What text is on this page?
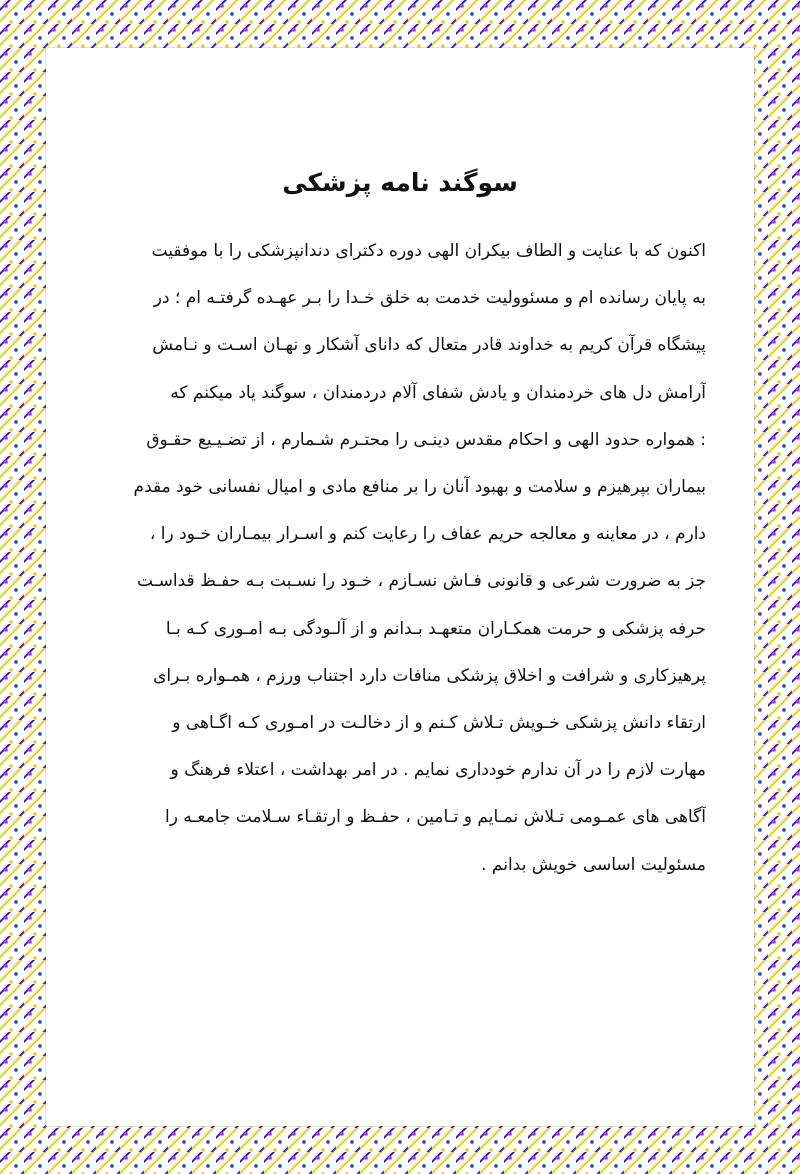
سوگند نامه پزشکی
اکنون که با عنایت و الطاف بیکران الهی دوره دکترای دندانپزشکی را با موفقیت
به پایان رسانده ام و مسئوولیت خدمت به خلق خـدا را بـر عهـده گرفتـه ام ؛ در
پیشگاه قرآن کریم به خداوند قادر متعال که دانای آشکار و نهـان اسـت و نـامش
آرامش دل های خردمندان و یادش شفای آلام دردمندان ، سوگند یاد میکنم که
: همواره حدود الهی و احکام مقدس دینـی را محتـرم شـمارم ، از تضـیـیع حقـوق
بیماران بپرهیزم و سلامت و بهبود آنان را بر منافع مادی و امیال نفسانی خود مقدم
دارم ، در معاینه و معالجه حریم عفاف را رعایت کنم و اسـرار بیمـاران خـود را ،
جز به ضرورت شرعی و قانونی فـاش نسـازم ، خـود را نسـبت بـه حفـظ قداسـت
حرفه پزشکی و حرمت همکـاران متعهـد بـدانم و از آلـودگی بـه امـوری کـه بـا
پرهیزکاری و شرافت و اخلاق پزشکی منافات دارد اجتناب ورزم ، همـواره بـرای
ارتقاء دانش پزشکی خـویش تـلاش کـنم و از دخالـت در امـوری کـه اگـاهی و
مهارت لازم را در آن ندارم خودداری نمایم . در امر بهداشت ، اعتلاء فرهنگ و
آگاهی های عمـومی تـلاش نمـایم و تـامین ، حفـظ و ارتقـاء سـلامت جامعـه را
مسئولیت اساسی خویش بدانم .
